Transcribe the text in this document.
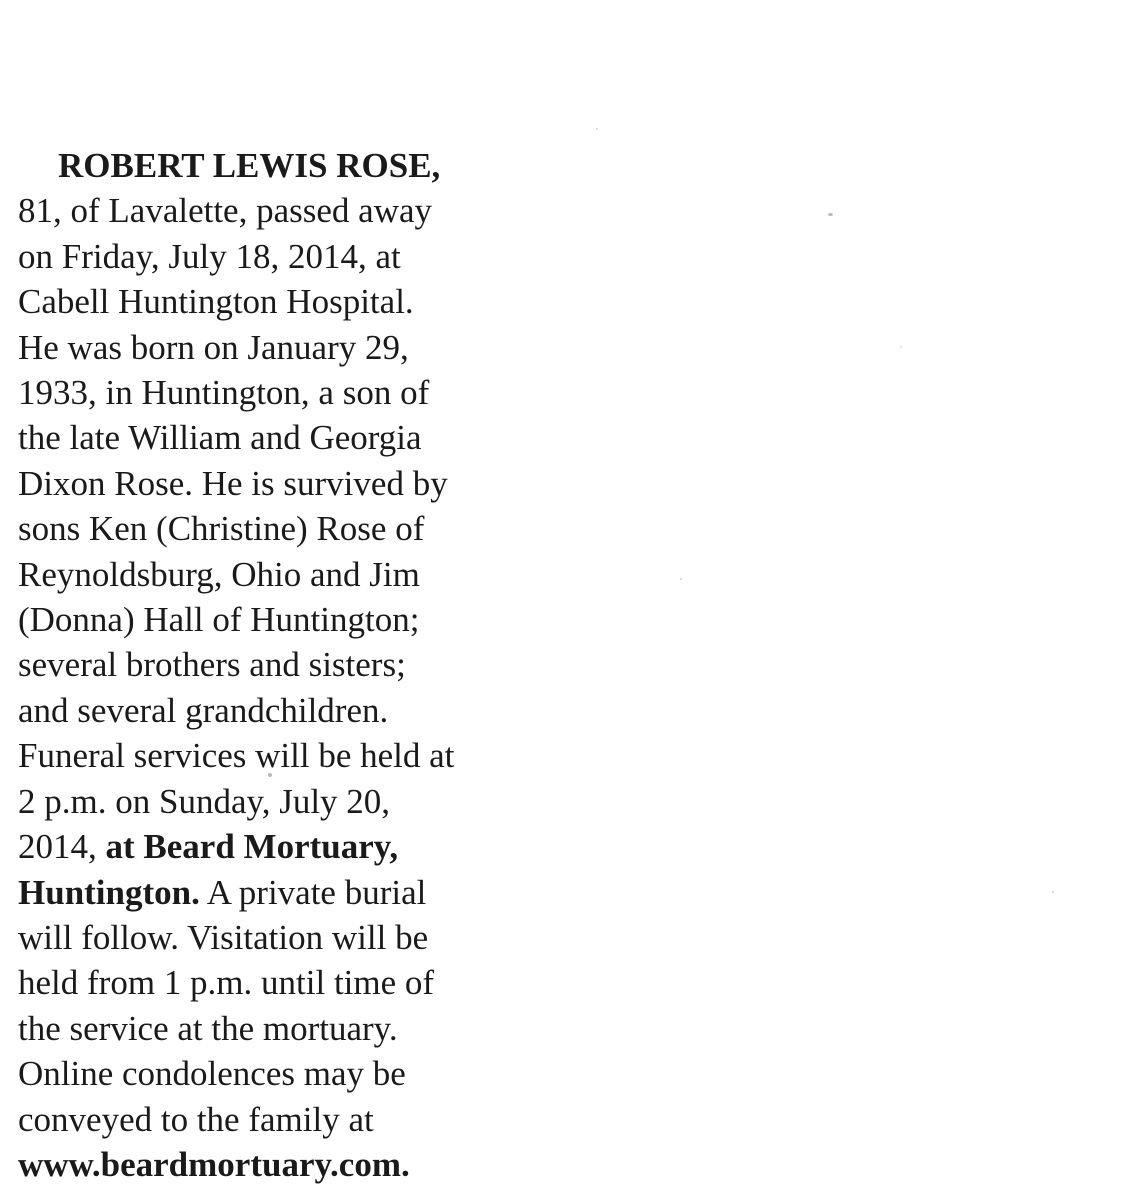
ROBERT LEWIS ROSE,
81, of Lavalette, passed away
on Friday, July 18, 2014, at
Cabell Huntington Hospital.
He was born on January 29,
1933, in Huntington, a son of
the late William and Georgia
Dixon Rose. He is survived by
sons Ken (Christine) Rose of
Reynoldsburg, Ohio and Jim
(Donna) Hall of Huntington;
several brothers and sisters;
and several grandchildren.
Funeral services will be held at
2 p.m. on Sunday, July 20,
2014, at Beard Mortuary,
Huntington. A private burial
will follow. Visitation will be
held from 1 p.m. until time of
the service at the mortuary.
Online condolences may be
conveyed to the family at
www.beardmortuary.com.
